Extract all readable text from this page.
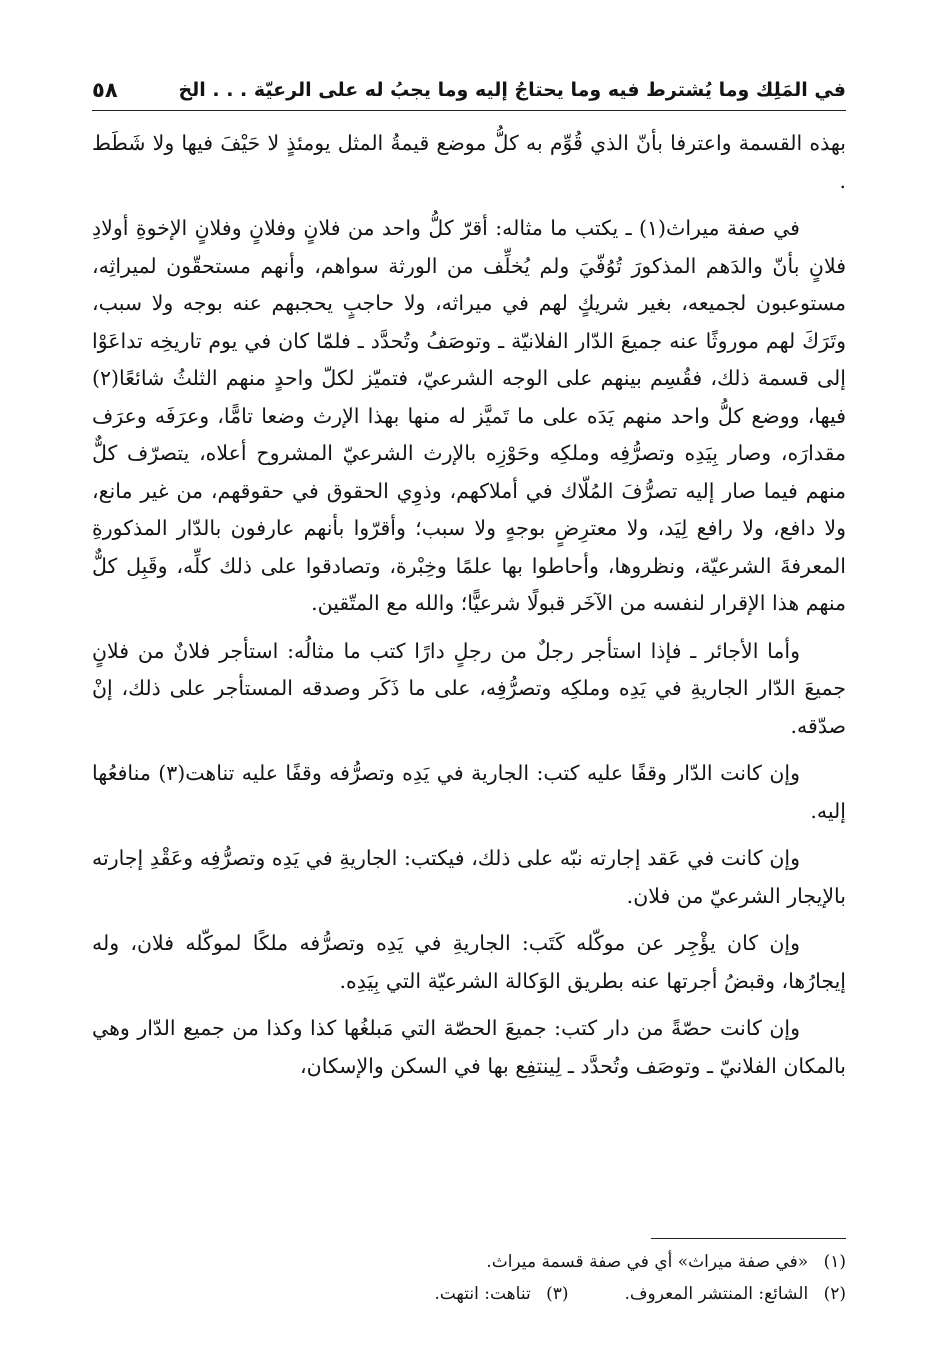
في المَلِك وما يُشترط فيه وما يحتاجُ إليه وما يجبُ له على الرعيّة . . . الخ
٥٨

بهذه القسمة واعترفا بأنّ الذي قُوِّم به كلُّ موضع قيمةُ المثل يومئذٍ لا حَيْفَ فيها ولا شَطَط .

في صفة ميراث(١) ـ يكتب ما مثاله: أقرّ كلُّ واحد من فلانٍ وفلانٍ وفلانٍ الإخوةِ أولادِ فلانٍ بأنّ والدَهم المذكورَ تُوُفّيَ ولم يُخلِّف من الورثة سواهم، وأنهم مستحقّون لميراثِه، مستوعبون لجميعه، بغير شريكٍ لهم في ميراثه، ولا حاجبٍ يحجبهم عنه بوجه ولا سبب، وتَرَكَ لهم موروثًا عنه جميعَ الدّار الفلانيّة ـ وتوصَفُ وتُحدَّد ـ فلمّا كان في يوم تاريخِه تداعَوْا إلى قسمة ذلك، فقُسِم بينهم على الوجه الشرعيّ، فتميّز لكلّ واحدٍ منهم الثلثُ شائعًا(٢) فيها، ووضع كلُّ واحد منهم يَدَه على ما تَميَّز له منها بهذا الإرث وضعا تامًّا، وعرَفَه وعرَف مقدارَه، وصار بِيَدِه وتصرُّفِه وملكِه وحَوْزِه بالإرث الشرعيّ المشروح أعلاه، يتصرّف كلٌّ منهم فيما صار إليه تصرُّفَ المُلّاك في أملاكهم، وذوِي الحقوق في حقوقهم، من غير مانع، ولا دافع، ولا رافع لِيَد، ولا معترِضٍ بوجهٍ ولا سبب؛ وأقرّوا بأنهم عارفون بالدّار المذكورةِ المعرفةَ الشرعيّة، ونظروها، وأحاطوا بها علمًا وخِبْرة، وتصادقوا على ذلك كلِّه، وقَبِل كلٌّ منهم هذا الإقرار لنفسه من الآخَر قبولًا شرعيًّا؛ والله مع المتّقين.

وأما الأجائر ـ فإذا استأجر رجلٌ من رجلٍ دارًا كتب ما مثالُه: استأجر فلانٌ من فلانٍ جميعَ الدّار الجاريةِ في يَدِه وملكِه وتصرُّفِه، على ما ذَكَر وصدقه المستأجر على ذلك، إنْ صدّقه.

وإن كانت الدّار وقفًا عليه كتب: الجارية في يَدِه وتصرُّفه وقفًا عليه تناهت(٣) منافعُها إليه.

وإن كانت في عَقد إجارته نبّه على ذلك، فيكتب: الجاريةِ في يَدِه وتصرُّفِه وعَقْدِ إجارته بالإيجار الشرعيّ من فلان.

وإن كان يؤْجِر عن موكّله كَتَب: الجاريةِ في يَدِه وتصرُّفه ملكًا لموكّله فلان، وله إيجارُها، وقبضُ أجرتها عنه بطريق الوَكالة الشرعيّة التي بِيَدِه.

وإن كانت حصّةً من دار كتب: جميعَ الحصّة التي مَبلغُها كذا وكذا من جميع الدّار وهي بالمكان الفلانيّ ـ وتوصَف وتُحدَّد ـ لِينتفِع بها في السكن والإسكان،

(١) «في صفة ميراث» أي في صفة قسمة ميراث.
(٢) الشائع: المنتشر المعروف.
(٣) تناهت: انتهت.
